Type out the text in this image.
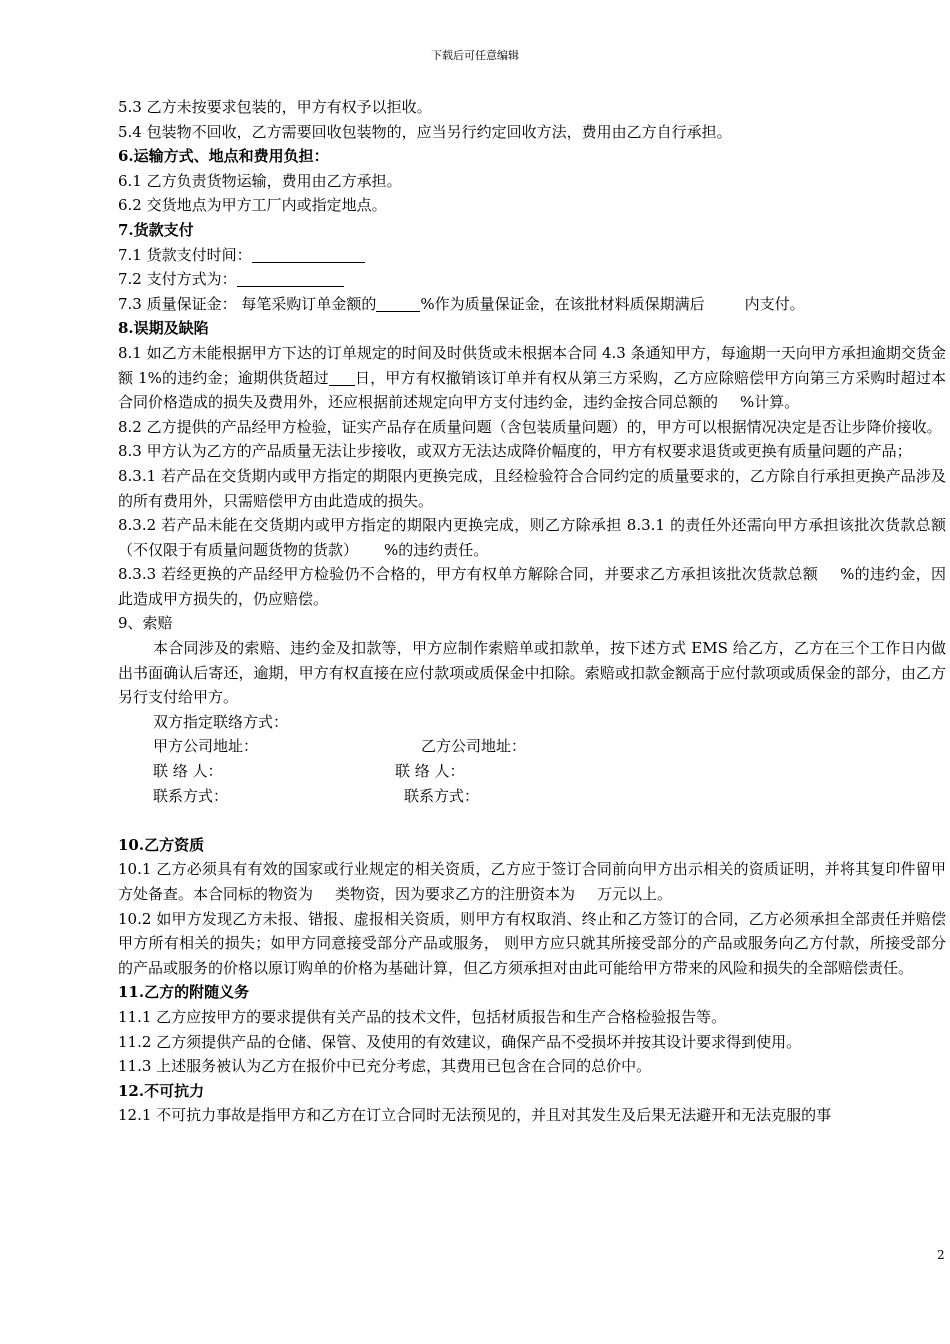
下载后可任意编辑

5.3 乙方未按要求包装的，甲方有权予以拒收。

5.4 包装物不回收，乙方需要回收包装物的，应当另行约定回收方法，费用由乙方自行承担。

6.运输方式、地点和费用负担：

6.1 乙方负责货物运输，费用由乙方承担。

6.2 交货地点为甲方工厂内或指定地点。

7.货款支付

7.1 货款支付时间：

7.2 支付方式为：

7.3 质量保证金： 每笔采购订单金额的	%作为质量保证金，在该批材料质保期满后	内支付。

8.误期及缺陷

8.1 如乙方未能根据甲方下达的订单规定的时间及时供货或未根据本合同 4.3 条通知甲方，每逾期一天向甲方承担逾期交货金额 1%的违约金；逾期供货超过 日，甲方有权撤销该订单并有权从第三方采购，乙方应除赔偿甲方向第三方采购时超过本合同价格造成的损失及费用外，还应根据前述规定向甲方支付违约金，违约金按合同总额的 %计算。

8.2 乙方提供的产品经甲方检验，证实产品存在质量问题（含包装质量问题）的，甲方可以根据情况决定是否让步降价接收。

8.3 甲方认为乙方的产品质量无法让步接收，或双方无法达成降价幅度的，甲方有权要求退货或更换有质量问题的产品；

8.3.1 若产品在交货期内或甲方指定的期限内更换完成，且经检验符合合同约定的质量要求的，乙方除自行承担更换产品涉及的所有费用外，只需赔偿甲方由此造成的损失。

8.3.2 若产品未能在交货期内或甲方指定的期限内更换完成，则乙方除承担 8.3.1 的责任外还需向甲方承担该批次货款总额（不仅限于有质量问题货物的货款） %的违约责任。

8.3.3 若经更换的产品经甲方检验仍不合格的，甲方有权单方解除合同，并要求乙方承担该批次货款总额 %的违约金，因此造成甲方损失的，仍应赔偿。

9、索赔

本合同涉及的索赔、违约金及扣款等，甲方应制作索赔单或扣款单，按下述方式 EMS 给乙方，乙方在三个工作日内做出书面确认后寄还，逾期，甲方有权直接在应付款项或质保金中扣除。索赔或扣款金额高于应付款项或质保金的部分，由乙方另行支付给甲方。

双方指定联络方式：

甲方公司地址：	乙方公司地址：
联 络 人：	联 络 人：
联系方式：	联系方式：

10.乙方资质

10.1 乙方必须具有有效的国家或行业规定的相关资质，乙方应于签订合同前向甲方出示相关的资质证明，并将其复印件留甲方处备查。本合同标的物资为 类物资，因为要求乙方的注册资本为 万元以上。

10.2 如甲方发现乙方未报、错报、虚报相关资质，则甲方有权取消、终止和乙方签订的合同，乙方必须承担全部责任并赔偿甲方所有相关的损失；如甲方同意接受部分产品或服务， 则甲方应只就其所接受部分的产品或服务向乙方付款，所接受部分的产品或服务的价格以原订购单的价格为基础计算，但乙方须承担对由此可能给甲方带来的风险和损失的全部赔偿责任。

11.乙方的附随义务

11.1 乙方应按甲方的要求提供有关产品的技术文件，包括材质报告和生产合格检验报告等。

11.2 乙方须提供产品的仓储、保管、及使用的有效建议，确保产品不受损坏并按其设计要求得到使用。

11.3 上述服务被认为乙方在报价中已充分考虑，其费用已包含在合同的总价中。

12.不可抗力

12.1 不可抗力事故是指甲方和乙方在订立合同时无法预见的，并且对其发生及后果无法避开和无法克服的事

2
